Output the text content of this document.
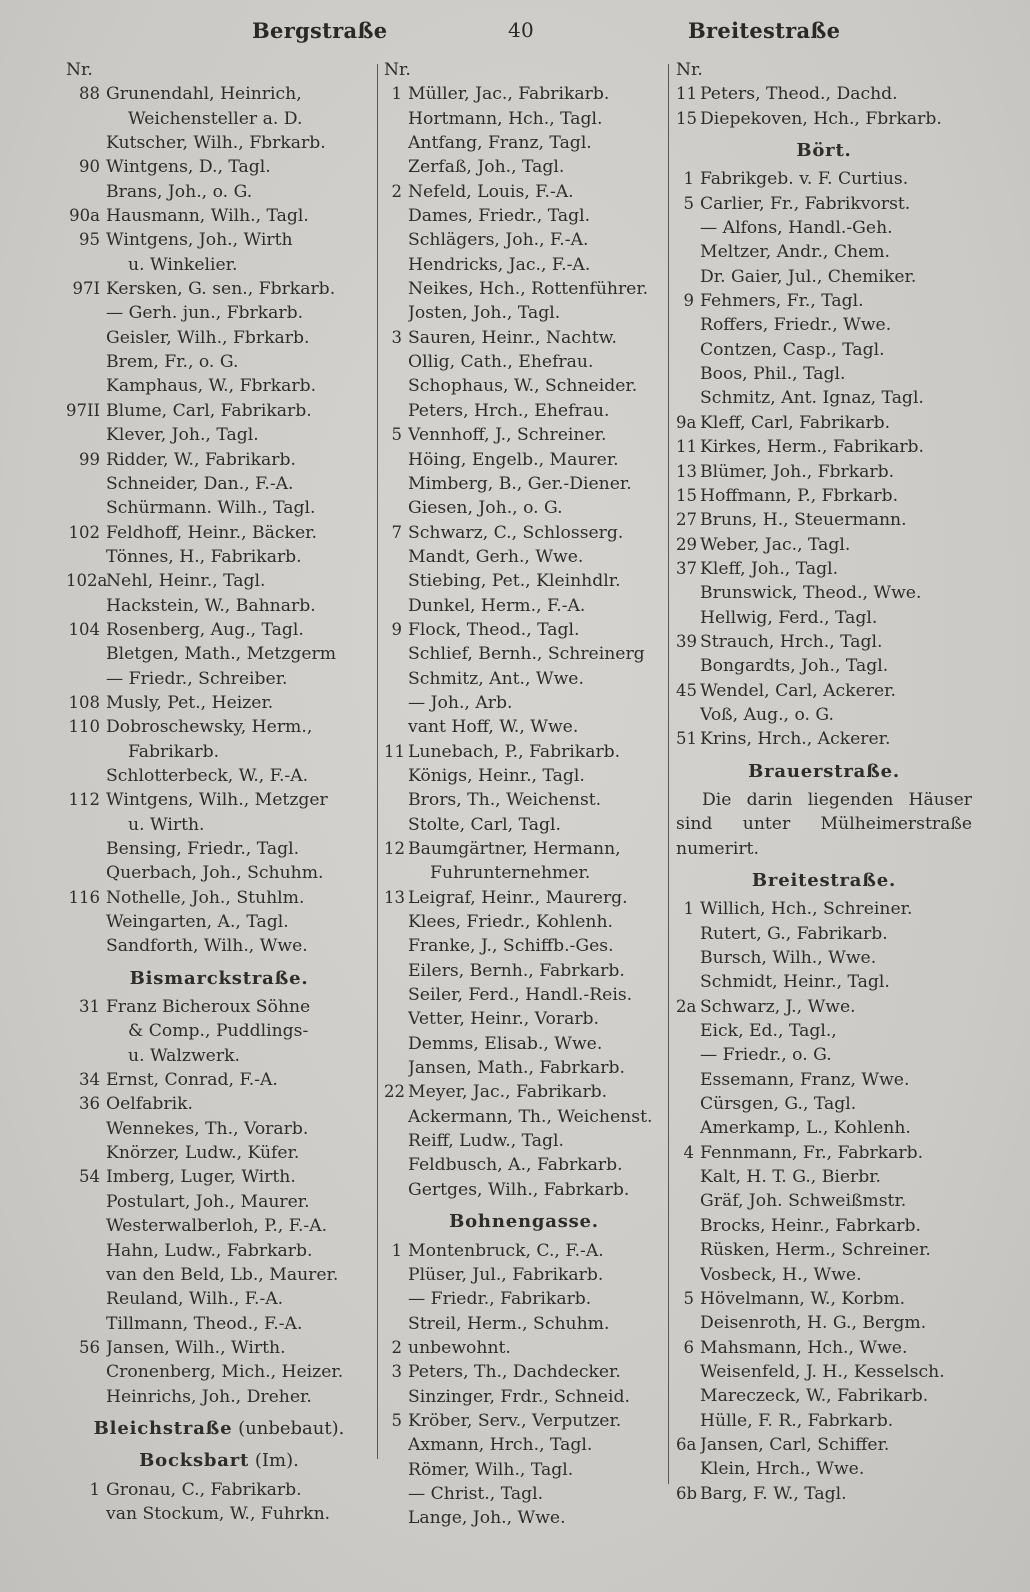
Bergstraße	40	Breitestraße
Nr.
88 Grunendahl, Heinrich,
Weichensteller a. D.
Kutscher, Wilh., Fbrkarb.
90 Wintgens, D., Tagl.
Brans, Joh., o. G.
90a Hausmann, Wilh., Tagl.
95 Wintgens, Joh., Wirth
u. Winkelier.
97I Kersken, G. sen., Fbrkarb.
— Gerh. jun., Fbrkarb.
Geisler, Wilh., Fbrkarb.
Brem, Fr., o. G.
Kamphaus, W., Fbrkarb.
97II Blume, Carl, Fabrikarb.
Klever, Joh., Tagl.
99 Ridder, W., Fabrikarb.
Schneider, Dan., F.-A.
Schürmann. Wilh., Tagl.
102 Feldhoff, Heinr., Bäcker.
Tönnes, H., Fabrikarb.
102a
Nehl, Heinr., Tagl.
Hackstein, W., Bahnarb.
104 Rosenberg, Aug., Tagl.
Bletgen, Math., Metzgerm
— Friedr., Schreiber.
108 Musly, Pet., Heizer.
110 Dobroschewsky, Herm.,
Fabrikarb.
Schlotterbeck, W., F.-A.
112 Wintgens, Wilh., Metzger
u. Wirth.
Bensing, Friedr., Tagl.
Querbach, Joh., Schuhm.
116 Nothelle, Joh., Stuhlm.
Weingarten, A., Tagl.
Sandforth, Wilh., Wwe.
Bismarckstraße.
31 Franz Bicheroux Söhne
& Comp., Puddlings-
u. Walzwerk.
34 Ernst, Conrad, F.-A.
36 Oelfabrik.
Wennekes, Th., Vorarb.
Knörzer, Ludw., Küfer.
54 Imberg, Luger, Wirth.
Postulart, Joh., Maurer.
Westerwalberloh, P., F.-A.
Hahn, Ludw., Fabrkarb.
van den Beld, Lb., Maurer.
Reuland, Wilh., F.-A.
Tillmann, Theod., F.-A.
56 Jansen, Wilh., Wirth.
Cronenberg, Mich., Heizer.
Heinrichs, Joh., Dreher.
Bleichstraße (unbebaut).
Bocksbart (Im).
1 Gronau, C., Fabrikarb.
van Stockum, W., Fuhrkn.
Nr.
1 Müller, Jac., Fabrikarb.
Hortmann, Hch., Tagl.
Antfang, Franz, Tagl.
Zerfaß, Joh., Tagl.
2 Nefeld, Louis, F.-A.
Dames, Friedr., Tagl.
Schlägers, Joh., F.-A.
Hendricks, Jac., F.-A.
Neikes, Hch., Rottenführer.
Josten, Joh., Tagl.
3 Sauren, Heinr., Nachtw.
Ollig, Cath., Ehefrau.
Schophaus, W., Schneider.
Peters, Hrch., Ehefrau.
5 Vennhoff, J., Schreiner.
Höing, Engelb., Maurer.
Mimberg, B., Ger.-Diener.
Giesen, Joh., o. G.
7 Schwarz, C., Schlosserg.
Mandt, Gerh., Wwe.
Stiebing, Pet., Kleinhdlr.
Dunkel, Herm., F.-A.
9 Flock, Theod., Tagl.
Schlief, Bernh., Schreinerg
Schmitz, Ant., Wwe.
— Joh., Arb.
vant Hoff, W., Wwe.
11 Lunebach, P., Fabrikarb.
Königs, Heinr., Tagl.
Brors, Th., Weichenst.
Stolte, Carl, Tagl.
12 Baumgärtner, Hermann,
Fuhrunternehmer.
13 Leigraf, Heinr., Maurerg.
Klees, Friedr., Kohlenh.
Franke, J., Schiffb.-Ges.
Eilers, Bernh., Fabrkarb.
Seiler, Ferd., Handl.-Reis.
Vetter, Heinr., Vorarb.
Demms, Elisab., Wwe.
Jansen, Math., Fabrkarb.
22 Meyer, Jac., Fabrikarb.
Ackermann, Th., Weichenst.
Reiff, Ludw., Tagl.
Feldbusch, A., Fabrkarb.
Gertges, Wilh., Fabrkarb.
Bohnengasse.
1 Montenbruck, C., F.-A.
Plüser, Jul., Fabrikarb.
— Friedr., Fabrikarb.
Streil, Herm., Schuhm.
2 unbewohnt.
3 Peters, Th., Dachdecker.
Sinzinger, Frdr., Schneid.
5 Kröber, Serv., Verputzer.
Axmann, Hrch., Tagl.
Römer, Wilh., Tagl.
— Christ., Tagl.
Lange, Joh., Wwe.
Nr.
11 Peters, Theod., Dachd.
15 Diepekoven, Hch., Fbrkarb.
Bört.
1 Fabrikgeb. v. F. Curtius.
5 Carlier, Fr., Fabrikvorst.
— Alfons, Handl.-Geh.
Meltzer, Andr., Chem.
Dr. Gaier, Jul., Chemiker.
9 Fehmers, Fr., Tagl.
Roffers, Friedr., Wwe.
Contzen, Casp., Tagl.
Boos, Phil., Tagl.
Schmitz, Ant. Ignaz, Tagl.
9a Kleff, Carl, Fabrikarb.
11 Kirkes, Herm., Fabrikarb.
13 Blümer, Joh., Fbrkarb.
15 Hoffmann, P., Fbrkarb.
27 Bruns, H., Steuermann.
29 Weber, Jac., Tagl.
37 Kleff, Joh., Tagl.
Brunswick, Theod., Wwe.
Hellwig, Ferd., Tagl.
39 Strauch, Hrch., Tagl.
Bongardts, Joh., Tagl.
45 Wendel, Carl, Ackerer.
Voß, Aug., o. G.
51 Krins, Hrch., Ackerer.
Brauerstraße.
Die darin liegenden Häuser sind unter Mülheimerstraße numerirt.
Breitestraße.
1 Willich, Hch., Schreiner.
Rutert, G., Fabrikarb.
Bursch, Wilh., Wwe.
Schmidt, Heinr., Tagl.
2a Schwarz, J., Wwe.
Eick, Ed., Tagl.,
— Friedr., o. G.
Essemann, Franz, Wwe.
Cürsgen, G., Tagl.
Amerkamp, L., Kohlenh.
4 Fennmann, Fr., Fabrkarb.
Kalt, H. T. G., Bierbr.
Gräf, Joh. Schweißmstr.
Brocks, Heinr., Fabrkarb.
Rüsken, Herm., Schreiner.
Vosbeck, H., Wwe.
5 Hövelmann, W., Korbm.
Deisenroth, H. G., Bergm.
6 Mahsmann, Hch., Wwe.
Weisenfeld, J. H., Kesselsch.
Mareczeck, W., Fabrikarb.
Hülle, F. R., Fabrkarb.
6a Jansen, Carl, Schiffer.
Klein, Hrch., Wwe.
6b Barg, F. W., Tagl.
